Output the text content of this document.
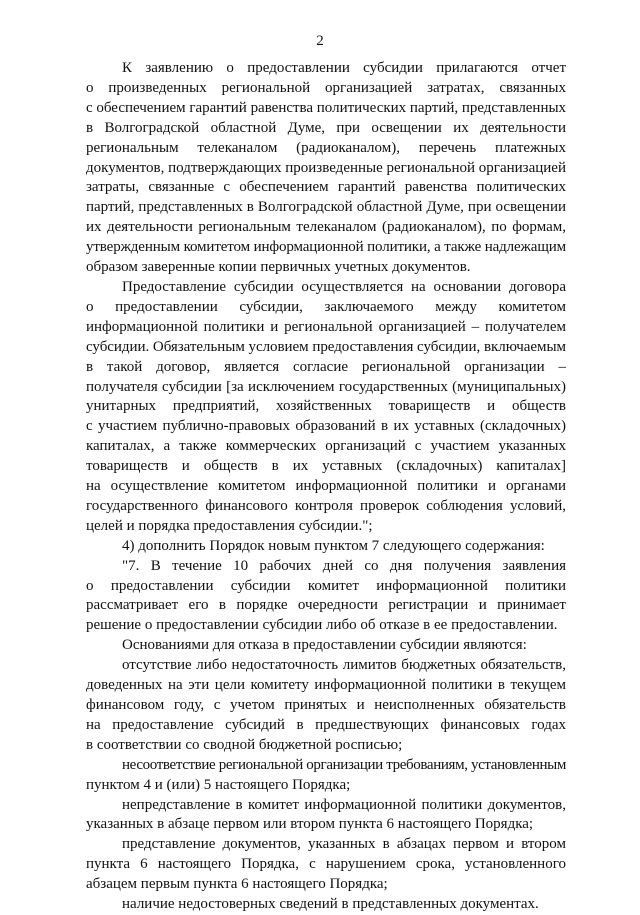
2
К заявлению о предоставлении субсидии прилагаются отчет
о произведенных региональной организацией затратах, связанных
с обеспечением гарантий равенства политических партий, представленных
в Волгоградской областной Думе, при освещении их деятельности
региональным телеканалом (радиоканалом), перечень платежных
документов, подтверждающих произведенные региональной организацией
затраты, связанные с обеспечением гарантий равенства политических
партий, представленных в Волгоградской областной Думе, при освещении
их деятельности региональным телеканалом (радиоканалом), по формам,
утвержденным комитетом информационной политики, а также надлежащим
образом заверенные копии первичных учетных документов.
Предоставление субсидии осуществляется на основании договора
о предоставлении субсидии, заключаемого между комитетом
информационной политики и региональной организацией – получателем
субсидии. Обязательным условием предоставления субсидии, включаемым
в такой договор, является согласие региональной организации –
получателя субсидии [за исключением государственных (муниципальных)
унитарных предприятий, хозяйственных товариществ и обществ
с участием публично-правовых образований в их уставных (складочных)
капиталах, а также коммерческих организаций с участием указанных
товариществ и обществ в их уставных (складочных) капиталах]
на осуществление комитетом информационной политики и органами
государственного финансового контроля проверок соблюдения условий,
целей и порядка предоставления субсидии.";
4) дополнить Порядок новым пунктом 7 следующего содержания:
"7. В течение 10 рабочих дней со дня получения заявления
о предоставлении субсидии комитет информационной политики
рассматривает его в порядке очередности регистрации и принимает
решение о предоставлении субсидии либо об отказе в ее предоставлении.
Основаниями для отказа в предоставлении субсидии являются:
отсутствие либо недостаточность лимитов бюджетных обязательств,
доведенных на эти цели комитету информационной политики в текущем
финансовом году, с учетом принятых и неисполненных обязательств
на предоставление субсидий в предшествующих финансовых годах
в соответствии со сводной бюджетной росписью;
несоответствие региональной организации требованиям, установленным
пунктом 4 и (или) 5 настоящего Порядка;
непредставление в комитет информационной политики документов,
указанных в абзаце первом или втором пункта 6 настоящего Порядка;
представление документов, указанных в абзацах первом и втором
пункта 6 настоящего Порядка, с нарушением срока, установленного
абзацем первым пункта 6 настоящего Порядка;
наличие недостоверных сведений в представленных документах.
